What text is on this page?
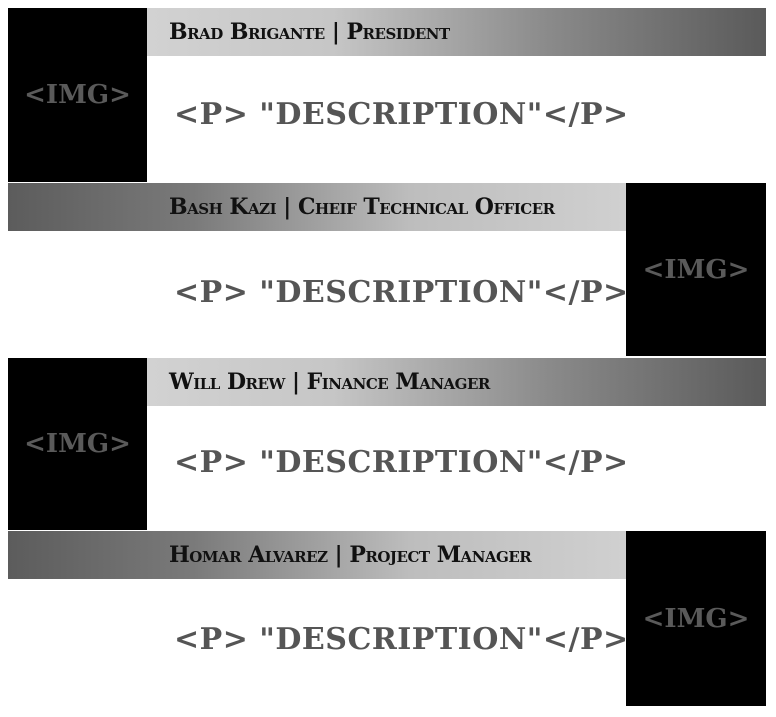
<IMG>
Brad Brigante | President
<P> "DESCRIPTION"</P>
Bash Kazi | Cheif Technical Officer
<IMG>
<P> "DESCRIPTION"</P>
<IMG>
Will Drew | Finance Manager
<P> "DESCRIPTION"</P>
Homar Alvarez | Project Manager
<IMG>
<P> "DESCRIPTION"</P>
